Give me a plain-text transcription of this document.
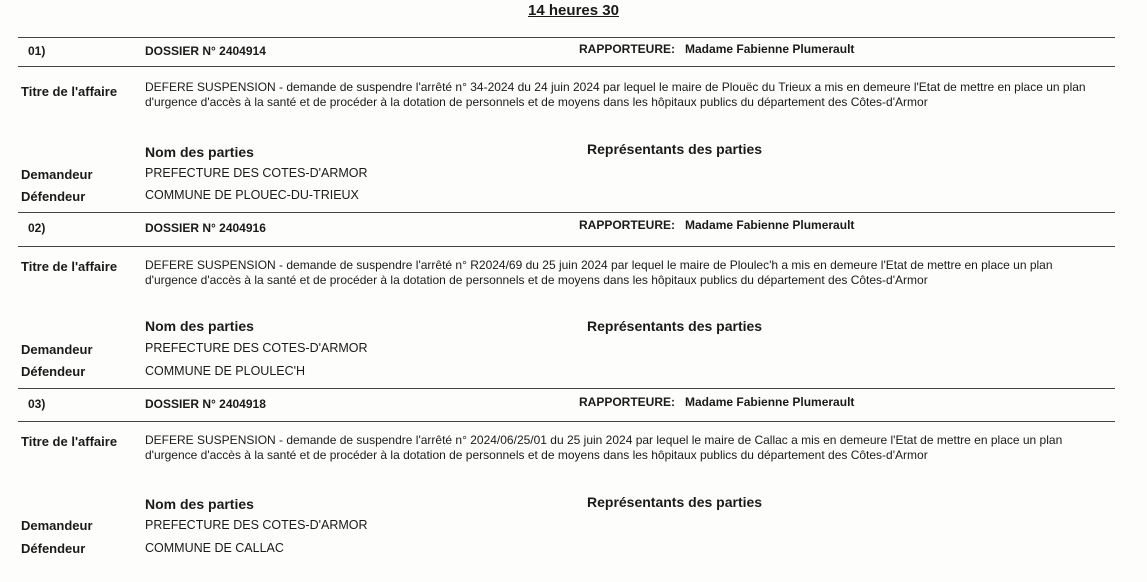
14 heures 30
01)	DOSSIER N° 2404914	RAPPORTEURE: Madame Fabienne Plumerault
Titre de l'affaire DEFERE SUSPENSION - demande de suspendre l'arrêté n° 34-2024 du 24 juin 2024 par lequel le maire de Plouëc du Trieux a mis en demeure l'Etat de mettre en place un plan d'urgence d'accès à la santé et de procéder à la dotation de personnels et de moyens dans les hôpitaux publics du département des Côtes-d'Armor
Nom des parties	Représentants des parties
Demandeur	PREFECTURE DES COTES-D'ARMOR
Défendeur	COMMUNE DE PLOUEC-DU-TRIEUX
02)	DOSSIER N° 2404916	RAPPORTEURE: Madame Fabienne Plumerault
Titre de l'affaire DEFERE SUSPENSION - demande de suspendre l'arrêté n° R2024/69 du 25 juin 2024 par lequel le maire de Ploulec'h a mis en demeure l'Etat de mettre en place un plan d'urgence d'accès à la santé et de procéder à la dotation de personnels et de moyens dans les hôpitaux publics du département des Côtes-d'Armor
Nom des parties	Représentants des parties
Demandeur	PREFECTURE DES COTES-D'ARMOR
Défendeur	COMMUNE DE PLOULEC'H
03)	DOSSIER N° 2404918	RAPPORTEURE: Madame Fabienne Plumerault
Titre de l'affaire DEFERE SUSPENSION - demande de suspendre l'arrêté n° 2024/06/25/01 du 25 juin 2024 par lequel le maire de Callac a mis en demeure l'Etat de mettre en place un plan d'urgence d'accès à la santé et de procéder à la dotation de personnels et de moyens dans les hôpitaux publics du département des Côtes-d'Armor
Nom des parties	Représentants des parties
Demandeur	PREFECTURE DES COTES-D'ARMOR
Défendeur	COMMUNE DE CALLAC
